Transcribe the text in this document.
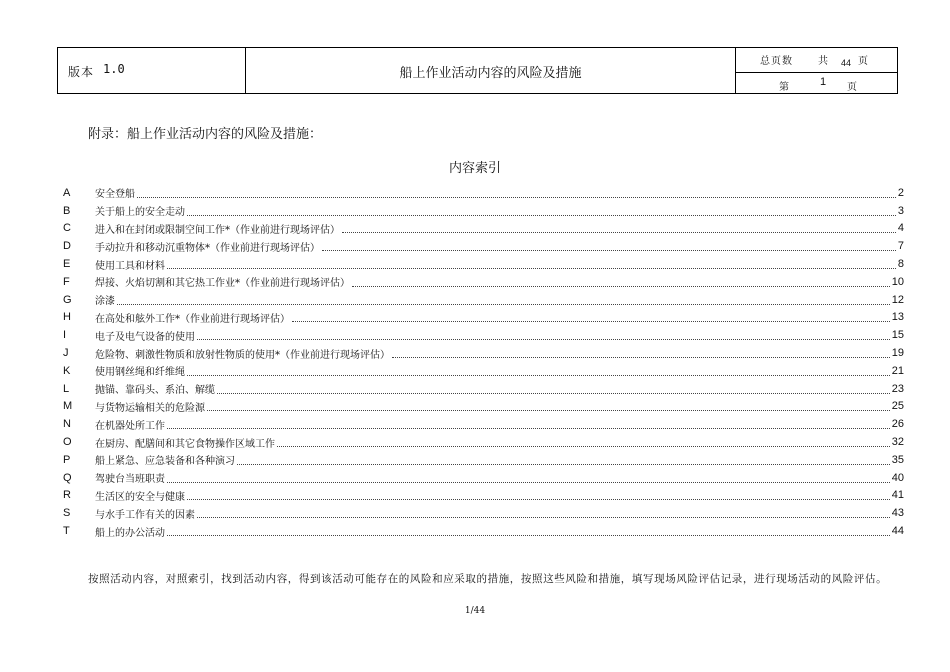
版本 1.0	船上作业活动内容的风险及措施
总页数	共 44 页
第	1 页
附录：船上作业活动内容的风险及措施：
内容索引
A	安全登船	2
B	关于船上的安全走动	3
C	进入和在封闭或限制空间工作*（作业前进行现场评估）	4
D	手动拉升和移动沉重物体*（作业前进行现场评估）	7
E	使用工具和材料	8
F	焊接、火焰切割和其它热工作业*（作业前进行现场评估）	10
G	涂漆	12
H	在高处和舷外工作*（作业前进行现场评估）	13
I	电子及电气设备的使用	15
J	危险物、刺激性物质和放射性物质的使用*（作业前进行现场评估）	19
K	使用钢丝绳和纤维绳	21
L	抛锚、靠码头、系泊、解缆	23
M	与货物运输相关的危险源	25
N	在机器处所工作	26
O	在厨房、配膳间和其它食物操作区域工作	32
P	船上紧急、应急装备和各种演习	35
Q	驾驶台当班职责	40
R	生活区的安全与健康	41
S	与水手工作有关的因素	43
T	船上的办公活动	44
按照活动内容，对照索引，找到活动内容，得到该活动可能存在的风险和应采取的措施，按照这些风险和措施，填写现场风险评估记录，进行现场活动的风险评估。
1/44
